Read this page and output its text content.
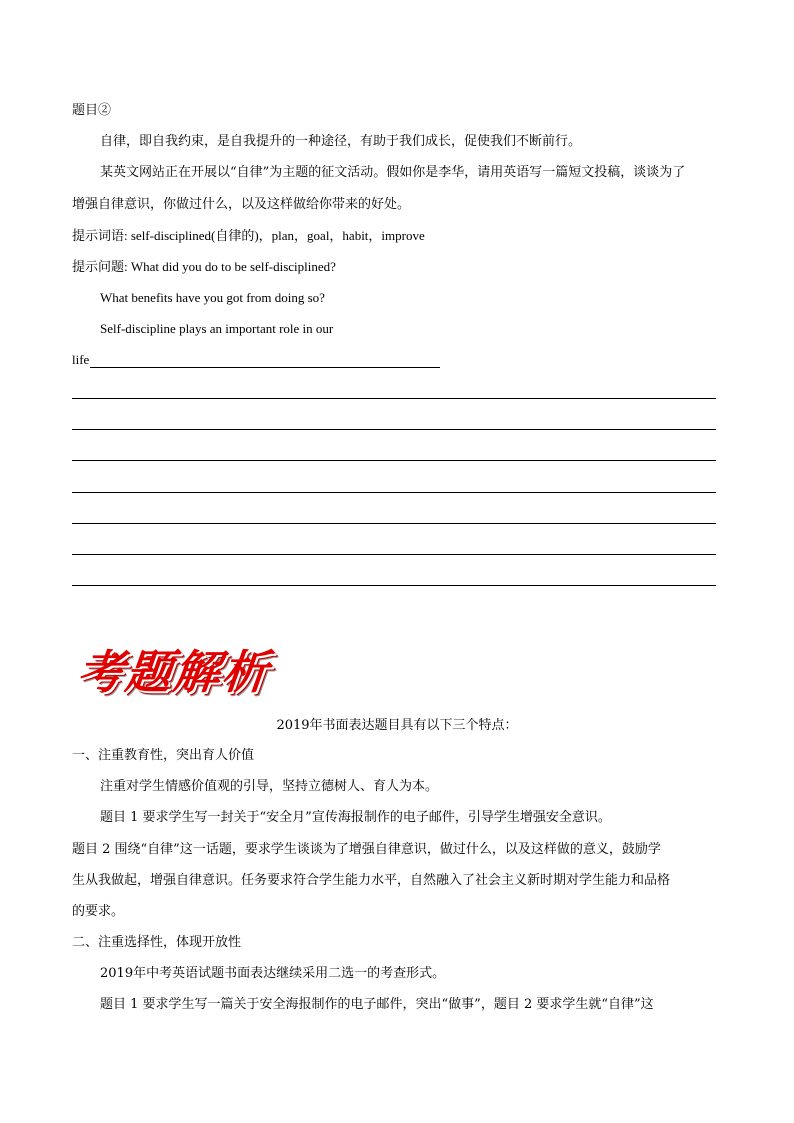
题目②
自律，即自我约束，是自我提升的一种途径，有助于我们成长，促使我们不断前行。
某英文网站正在开展以“自律”为主题的征文活动。假如你是李华，请用英语写一篇短文投稿，谈谈为了
增强自律意识，你做过什么，以及这样做给你带来的好处。
提示词语: self-disciplined(自律的)，plan，goal，habit，improve
提示问题: What did you do to be self-disciplined?
What benefits have you got from doing so?
Self-discipline plays an important role in our
life
考题解析
2019年书面表达题目具有以下三个特点：
一、注重教育性，突出育人价值
注重对学生情感价值观的引导，坚持立德树人、育人为本。
题目 1 要求学生写一封关于“安全月”宣传海报制作的电子邮件，引导学生增强安全意识。
题目 2 围绕“自律”这一话题，要求学生谈谈为了增强自律意识，做过什么，以及这样做的意义，鼓励学
生从我做起，增强自律意识。任务要求符合学生能力水平，自然融入了社会主义新时期对学生能力和品格
的要求。
二、注重选择性，体现开放性
2019年中考英语试题书面表达继续采用二选一的考查形式。
题目 1 要求学生写一篇关于安全海报制作的电子邮件，突出“做事”，题目 2 要求学生就“自律”这
